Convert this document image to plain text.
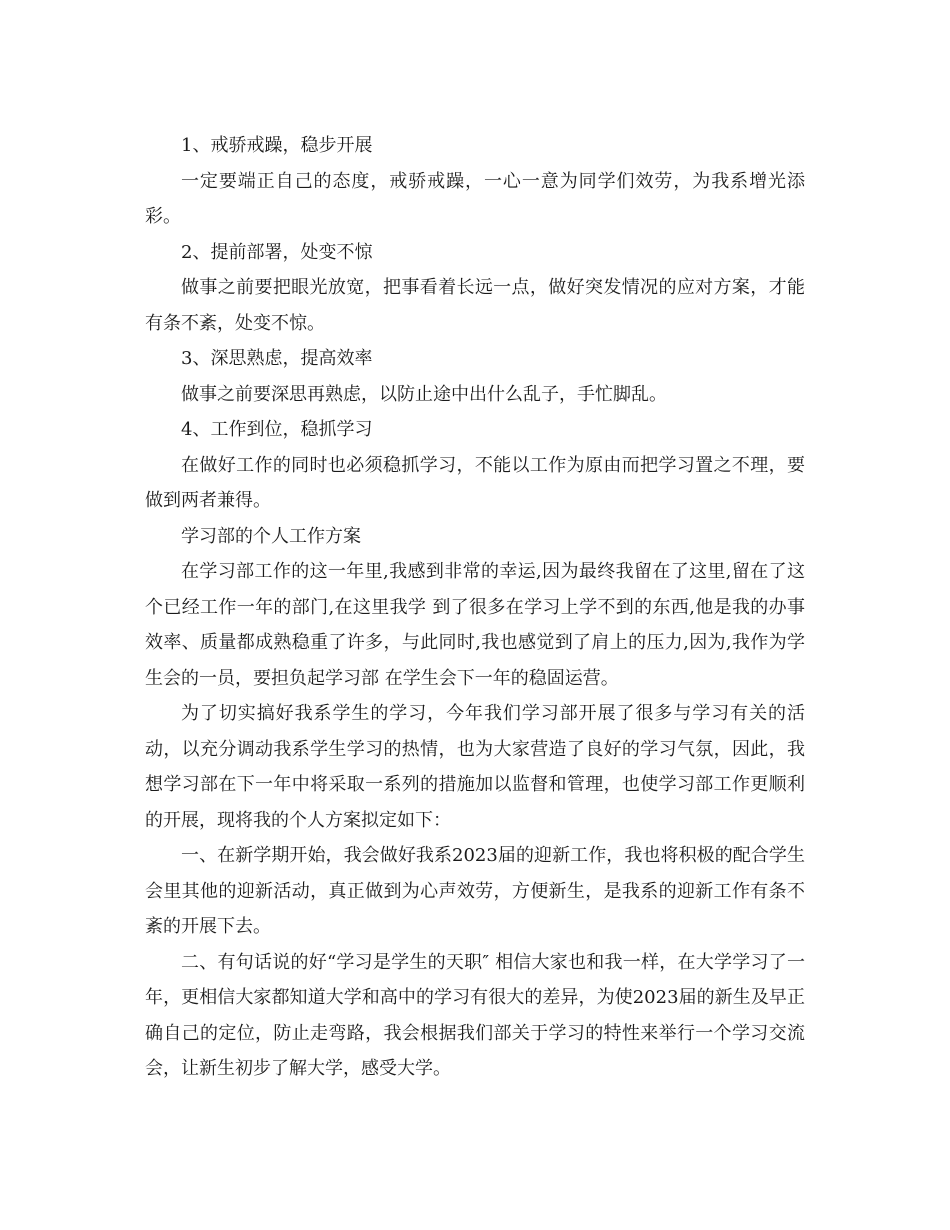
1、戒骄戒躁，稳步开展

一定要端正自己的态度，戒骄戒躁，一心一意为同学们效劳，为我系增光添彩。

2、提前部署，处变不惊

做事之前要把眼光放宽，把事看着长远一点，做好突发情况的应对方案，才能有条不紊，处变不惊。

3、深思熟虑，提高效率

做事之前要深思再熟虑，以防止途中出什么乱子，手忙脚乱。

4、工作到位，稳抓学习

在做好工作的同时也必须稳抓学习，不能以工作为原由而把学习置之不理，要做到两者兼得。

学习部的个人工作方案

在学习部工作的这一年里,我感到非常的幸运,因为最终我留在了这里,留在了这个已经工作一年的部门,在这里我学 到了很多在学习上学不到的东西,他是我的办事效率、质量都成熟稳重了许多，与此同时,我也感觉到了肩上的压力,因为,我作为学生会的一员，要担负起学习部 在学生会下一年的稳固运营。

为了切实搞好我系学生的学习，今年我们学习部开展了很多与学习有关的活动，以充分调动我系学生学习的热情，也为大家营造了良好的学习气氛，因此，我想学习部在下一年中将采取一系列的措施加以监督和管理，也使学习部工作更顺利的开展，现将我的个人方案拟定如下：

一、在新学期开始，我会做好我系2023届的迎新工作，我也将积极的配合学生会里其他的迎新活动，真正做到为心声效劳，方便新生，是我系的迎新工作有条不紊的开展下去。

二、有句话说的好“学习是学生的天职″ 相信大家也和我一样，在大学学习了一年，更相信大家都知道大学和高中的学习有很大的差异，为使2023届的新生及早正确自己的定位，防止走弯路，我会根据我们部关于学习的特性来举行一个学习交流会，让新生初步了解大学，感受大学。
